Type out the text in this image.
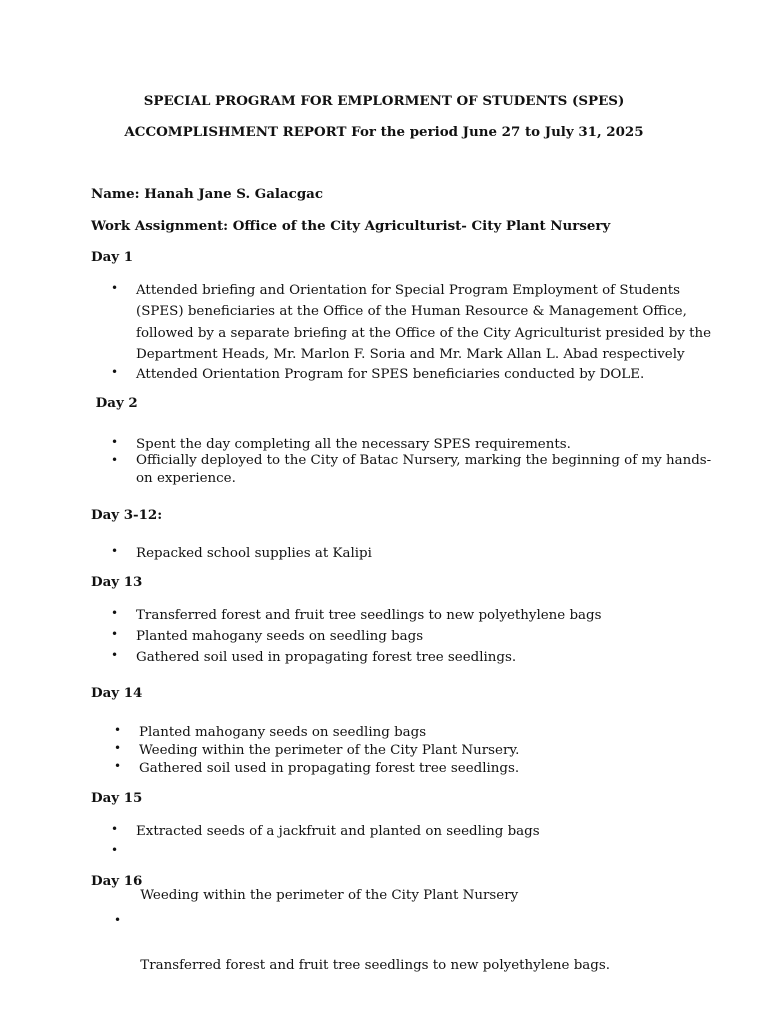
SPECIAL PROGRAM FOR EMPLORMENT OF STUDENTS (SPES)
ACCOMPLISHMENT REPORT For the period June 27 to July 31, 2025
Name: Hanah Jane S. Galacgac
Work Assignment: Office of the City Agriculturist- City Plant Nursery
Day 1
• Attended briefing and Orientation for Special Program Employment of Students
(SPES) beneficiaries at the Office of the Human Resource & Management Office,
followed by a separate briefing at the Office of the City Agriculturist presided by the
Department Heads, Mr. Marlon F. Soria and Mr. Mark Allan L. Abad respectively
• Attended Orientation Program for SPES beneficiaries conducted by DOLE.
Day 2
• Spent the day completing all the necessary SPES requirements.
• Officially deployed to the City of Batac Nursery, marking the beginning of my hands-
on experience.
Day 3-12:
• Repacked school supplies at Kalipi
Day 13
• Transferred forest and fruit tree seedlings to new polyethylene bags
• Planted mahogany seeds on seedling bags
• Gathered soil used in propagating forest tree seedlings.
Day 14
• Planted mahogany seeds on seedling bags
• Weeding within the perimeter of the City Plant Nursery.
• Gathered soil used in propagating forest tree seedlings.
Day 15
• Extracted seeds of a jackfruit and planted on seedling bags
•

Weeding within the perimeter of the City Plant Nursery

Day 16
•

Transferred forest and fruit tree seedlings to new polyethylene bags.
